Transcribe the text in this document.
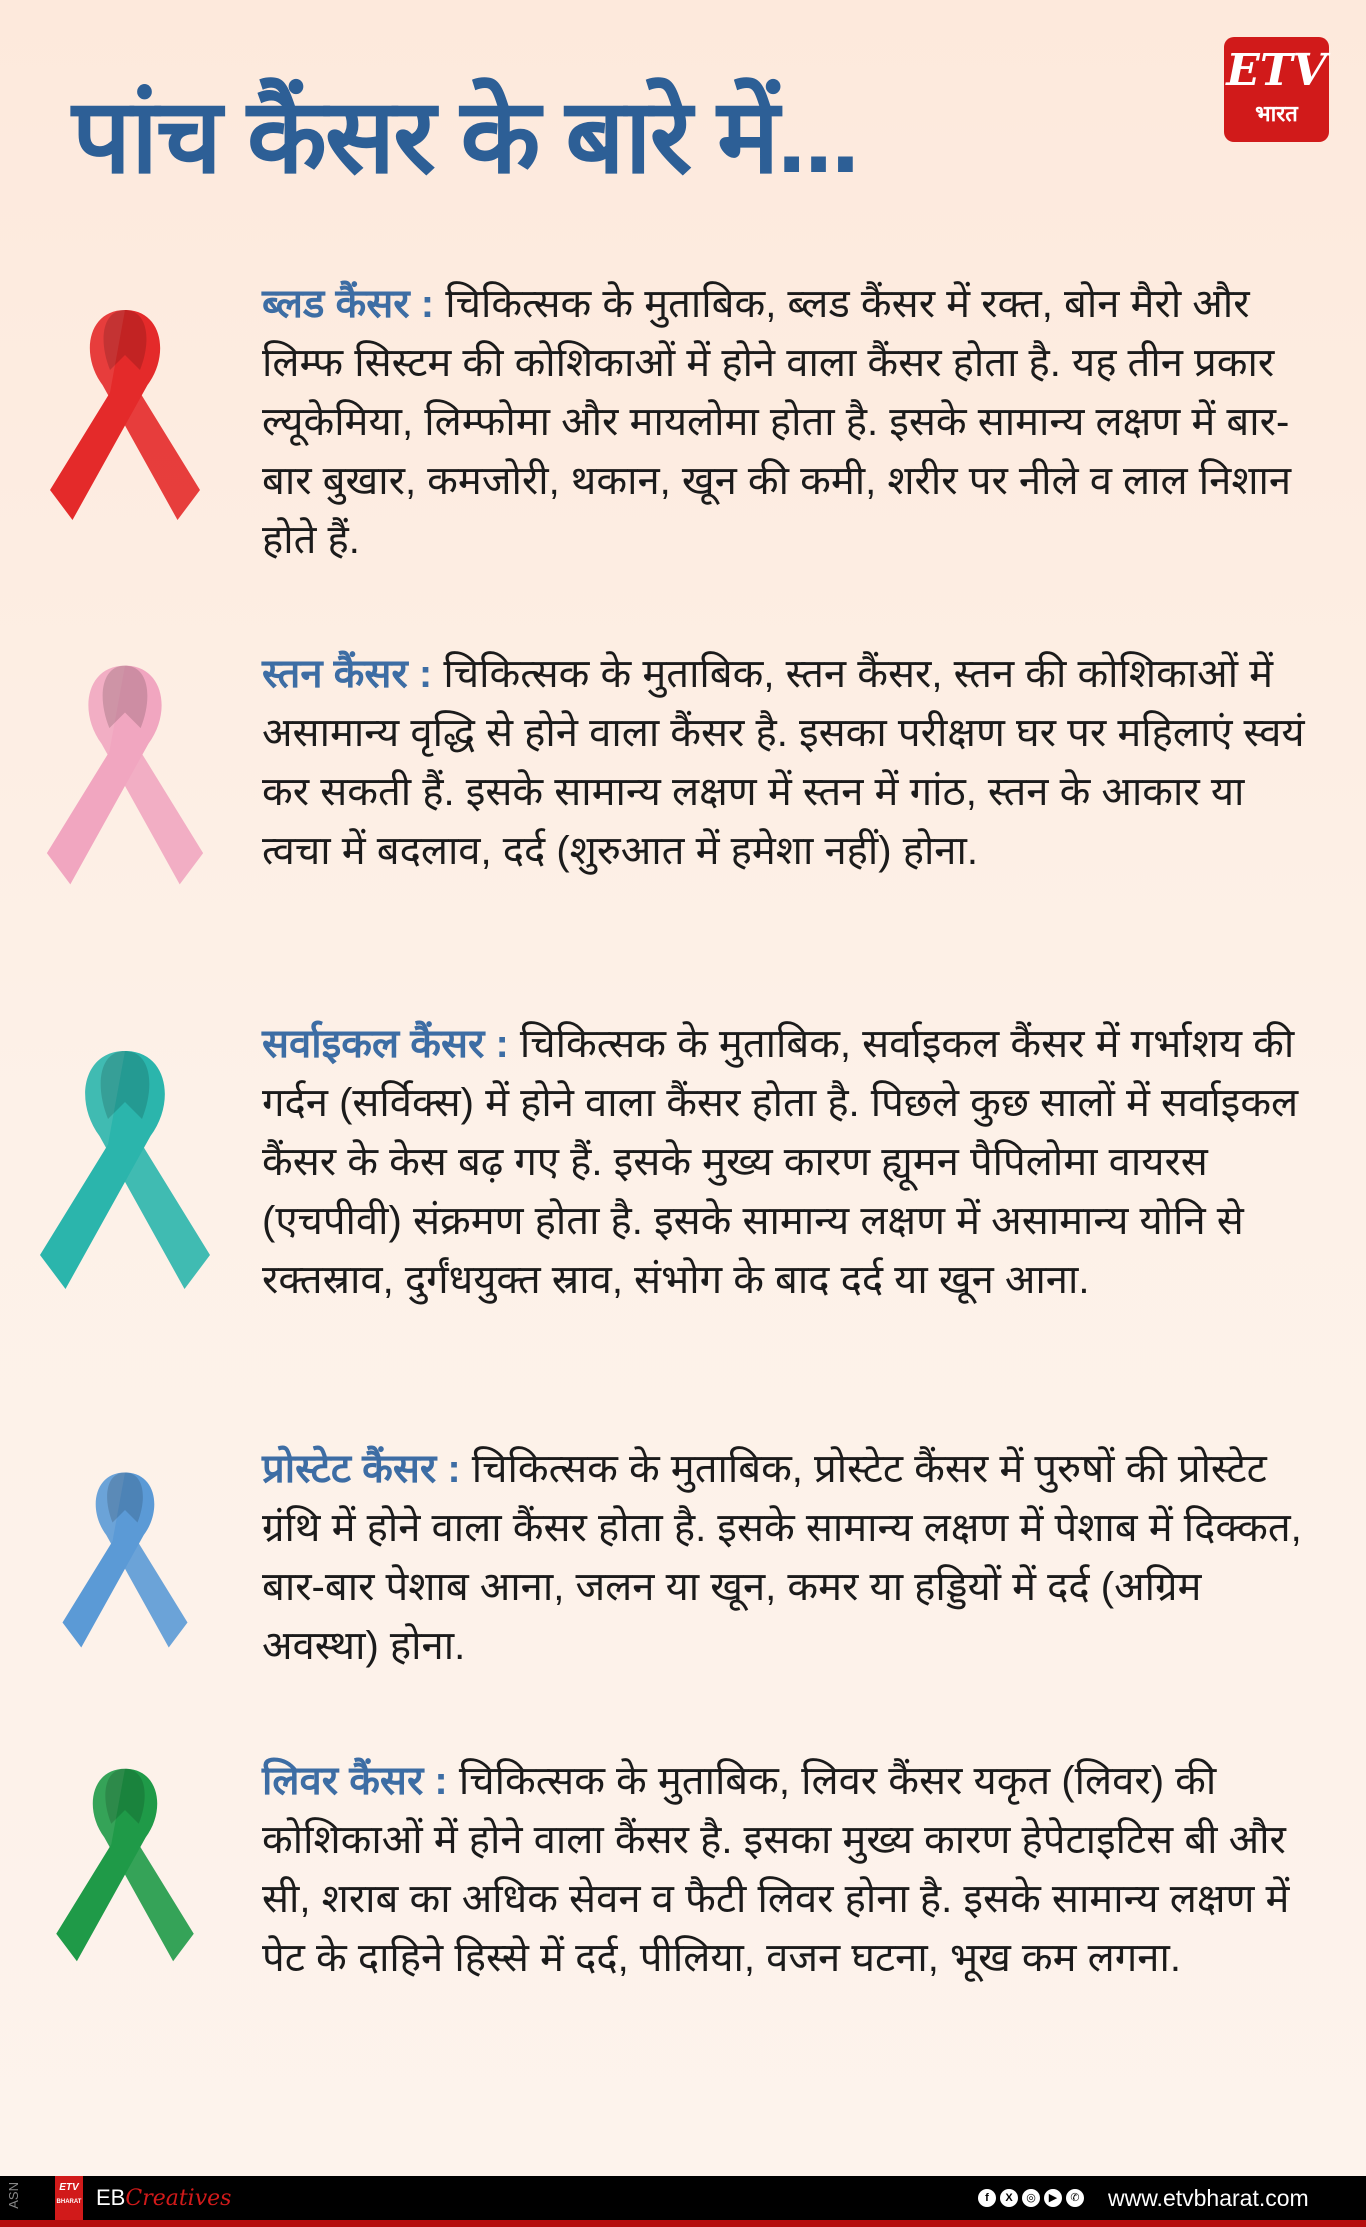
पांच कैंसर के बारे में...
ETV
भारत
ब्लड कैंसर : चिकित्सक के मुताबिक, ब्लड कैंसर में रक्त, बोन मैरो और लिम्फ सिस्टम की कोशिकाओं में होने वाला कैंसर होता है. यह तीन प्रकार ल्यूकेमिया, लिम्फोमा और मायलोमा होता है. इसके सामान्य लक्षण में बार-बार बुखार, कमजोरी, थकान, खून की कमी, शरीर पर नीले व लाल निशान होते हैं.
स्तन कैंसर : चिकित्सक के मुताबिक, स्तन कैंसर, स्तन की कोशिकाओं में असामान्य वृद्धि से होने वाला कैंसर है. इसका परीक्षण घर पर महिलाएं स्वयं कर सकती हैं. इसके सामान्य लक्षण में स्तन में गांठ, स्तन के आकार या त्वचा में बदलाव, दर्द (शुरुआत में हमेशा नहीं) होना.
सर्वाइकल कैंसर : चिकित्सक के मुताबिक, सर्वाइकल कैंसर में गर्भाशय की गर्दन (सर्विक्स) में होने वाला कैंसर होता है. पिछले कुछ सालों में सर्वाइकल कैंसर के केस बढ़ गए हैं. इसके मुख्य कारण ह्यूमन पैपिलोमा वायरस (एचपीवी) संक्रमण होता है. इसके सामान्य लक्षण में असामान्य योनि से रक्तस्राव, दुर्गंधयुक्त स्राव, संभोग के बाद दर्द या खून आना.
प्रोस्टेट कैंसर : चिकित्सक के मुताबिक, प्रोस्टेट कैंसर में पुरुषों की प्रोस्टेट ग्रंथि में होने वाला कैंसर होता है. इसके सामान्य लक्षण में पेशाब में दिक्कत, बार-बार पेशाब आना, जलन या खून, कमर या हड्डियों में दर्द (अग्रिम अवस्था) होना.
लिवर कैंसर : चिकित्सक के मुताबिक, लिवर कैंसर यकृत (लिवर) की कोशिकाओं में होने वाला कैंसर है. इसका मुख्य कारण हेपेटाइटिस बी और सी, शराब का अधिक सेवन व फैटी लिवर होना है. इसके सामान्य लक्षण में पेट के दाहिने हिस्से में दर्द, पीलिया, वजन घटना, भूख कम लगना.
ASN	ETV
BHARAT EBCreatives	f	X	◎	▶	✆ www.etvbharat.com
